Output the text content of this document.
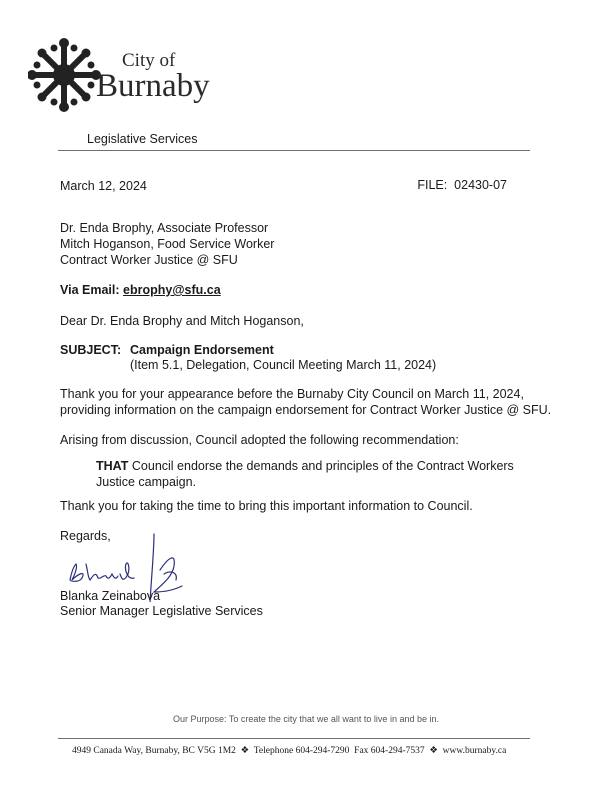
City of
Burnaby
Legislative Services
March 12, 2024	FILE: 02430-07
Dr. Enda Brophy, Associate Professor
Mitch Hoganson, Food Service Worker
Contract Worker Justice @ SFU
Via Email: ebrophy@sfu.ca
Dear Dr. Enda Brophy and Mitch Hoganson,
SUBJECT: Campaign Endorsement
(Item 5.1, Delegation, Council Meeting March 11, 2024)
Thank you for your appearance before the Burnaby City Council on March 11, 2024,
providing information on the campaign endorsement for Contract Worker Justice @ SFU.
Arising from discussion, Council adopted the following recommendation:
THAT Council endorse the demands and principles of the Contract Workers Justice campaign.
Thank you for taking the time to bring this important information to Council.
Regards,
Blanka Zeinabova
Senior Manager Legislative Services
Our Purpose: To create the city that we all want to live in and be in.
4949 Canada Way, Burnaby, BC V5G 1M2  ❖  Telephone 604-294-7290 Fax 604-294-7537  ❖  www.burnaby.ca
